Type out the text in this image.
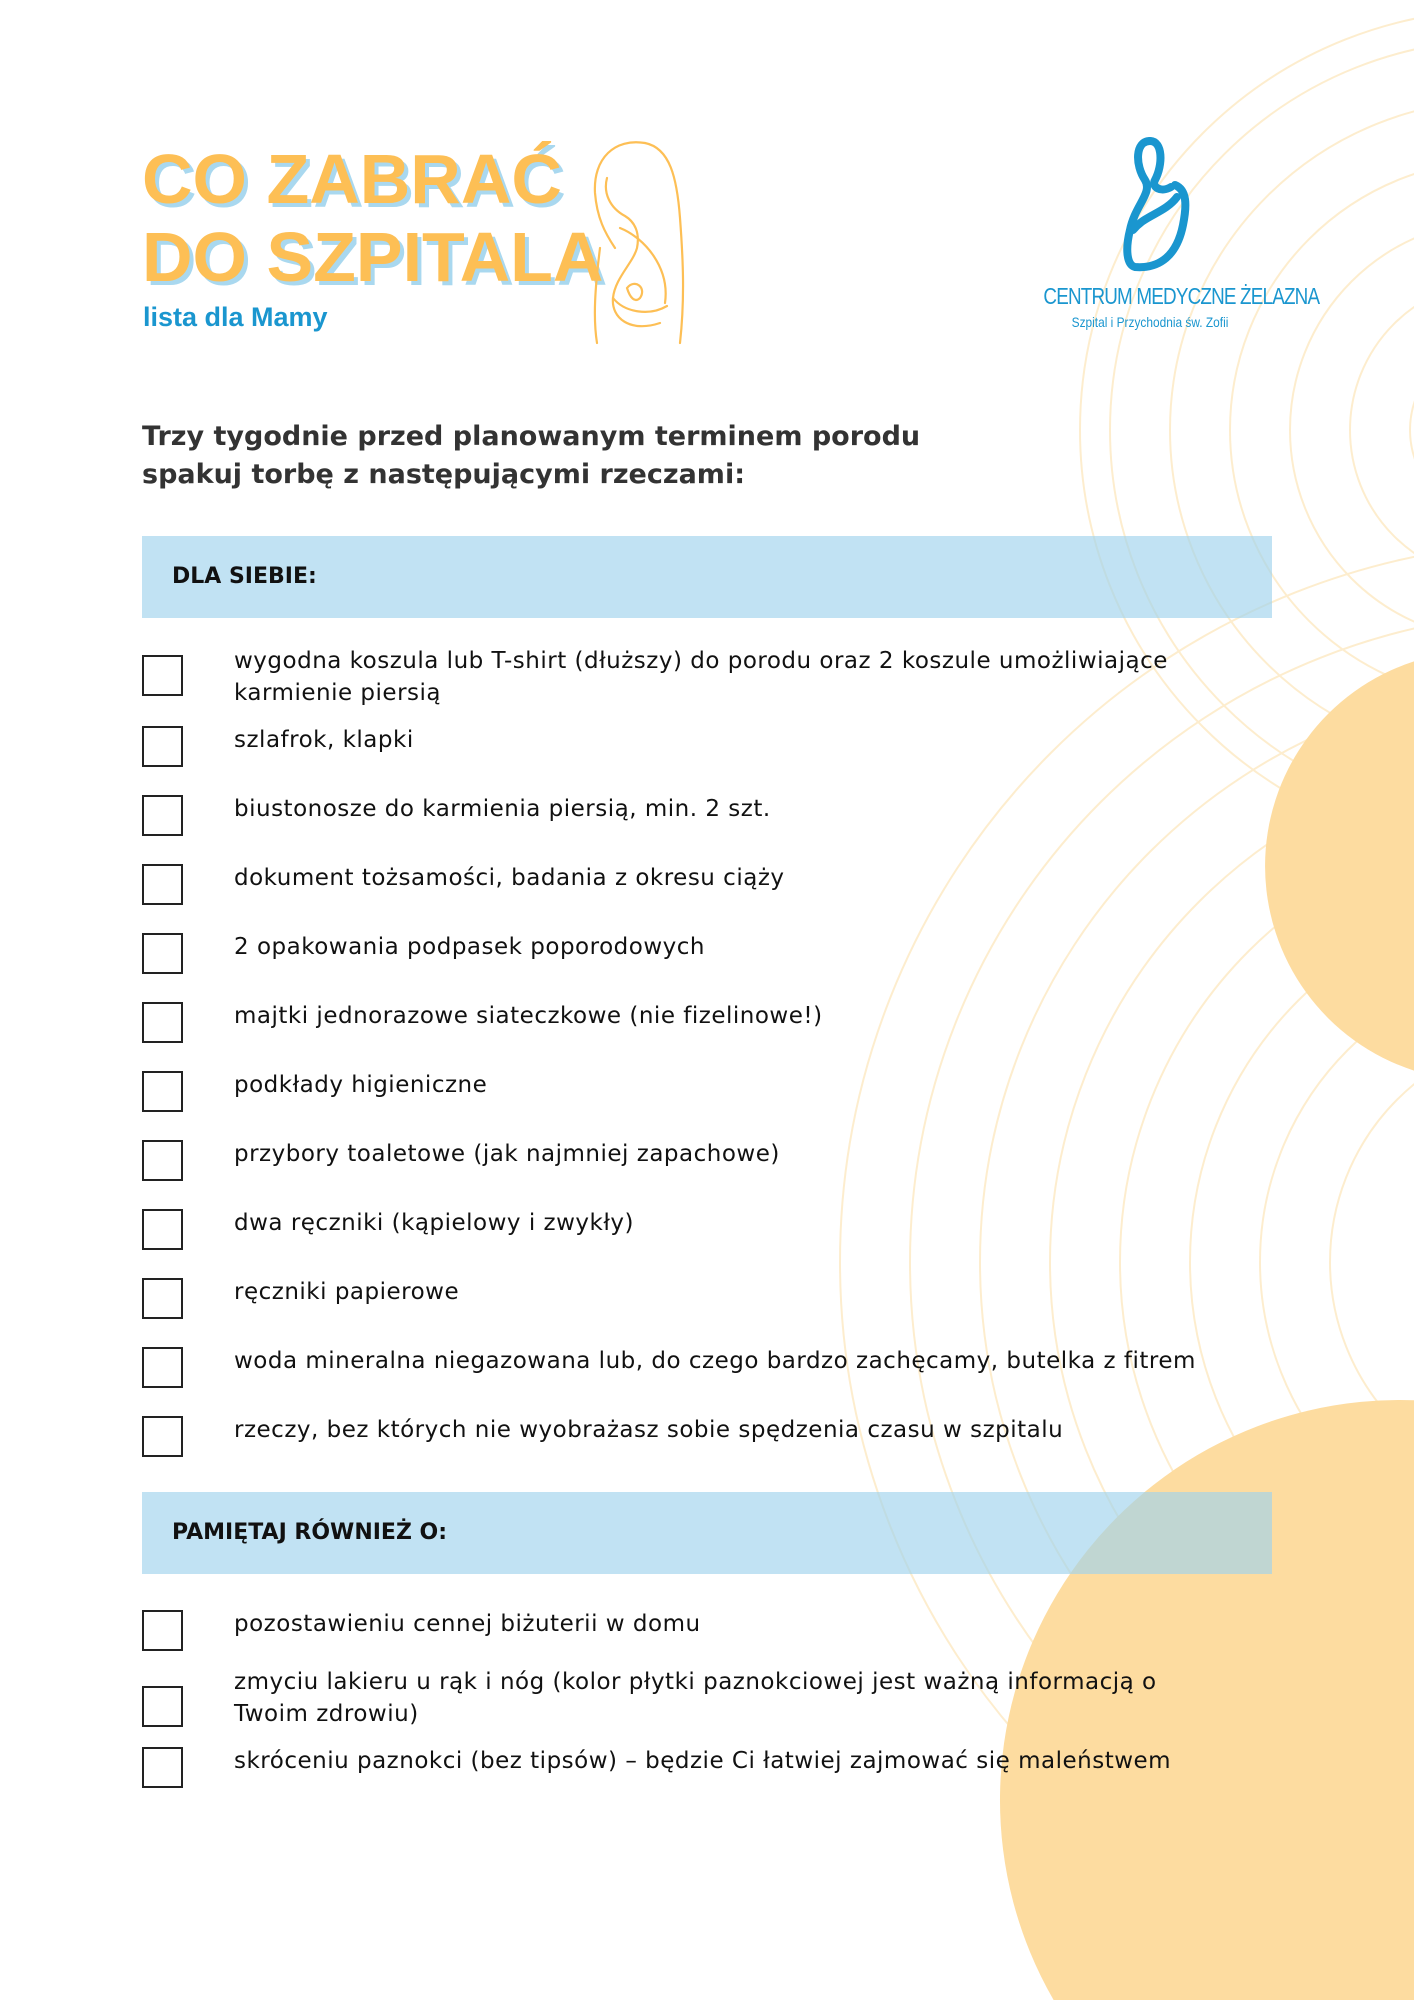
CO ZABRAĆ
DO SZPITALA
lista dla Mamy
CENTRUM MEDYCZNE ŻELAZNA
Szpital i Przychodnia św. Zofii
Trzy tygodnie przed planowanym terminem porodu
spakuj torbę z następującymi rzeczami:
DLA SIEBIE:
wygodna koszula lub T-shirt (dłuższy) do porodu oraz 2 koszule umożliwiające karmienie piersią
szlafrok, klapki
biustonosze do karmienia piersią, min. 2 szt.
dokument tożsamości, badania z okresu ciąży
2 opakowania podpasek poporodowych
majtki jednorazowe siateczkowe (nie fizelinowe!)
podkłady higieniczne
przybory toaletowe (jak najmniej zapachowe)
dwa ręczniki (kąpielowy i zwykły)
ręczniki papierowe
woda mineralna niegazowana lub, do czego bardzo zachęcamy, butelka z fitrem
rzeczy, bez których nie wyobrażasz sobie spędzenia czasu w szpitalu
PAMIĘTAJ RÓWNIEŻ O:
pozostawieniu cennej biżuterii w domu
zmyciu lakieru u rąk i nóg (kolor płytki paznokciowej jest ważną informacją o Twoim zdrowiu)
skróceniu paznokci (bez tipsów) – będzie Ci łatwiej zajmować się maleństwem
